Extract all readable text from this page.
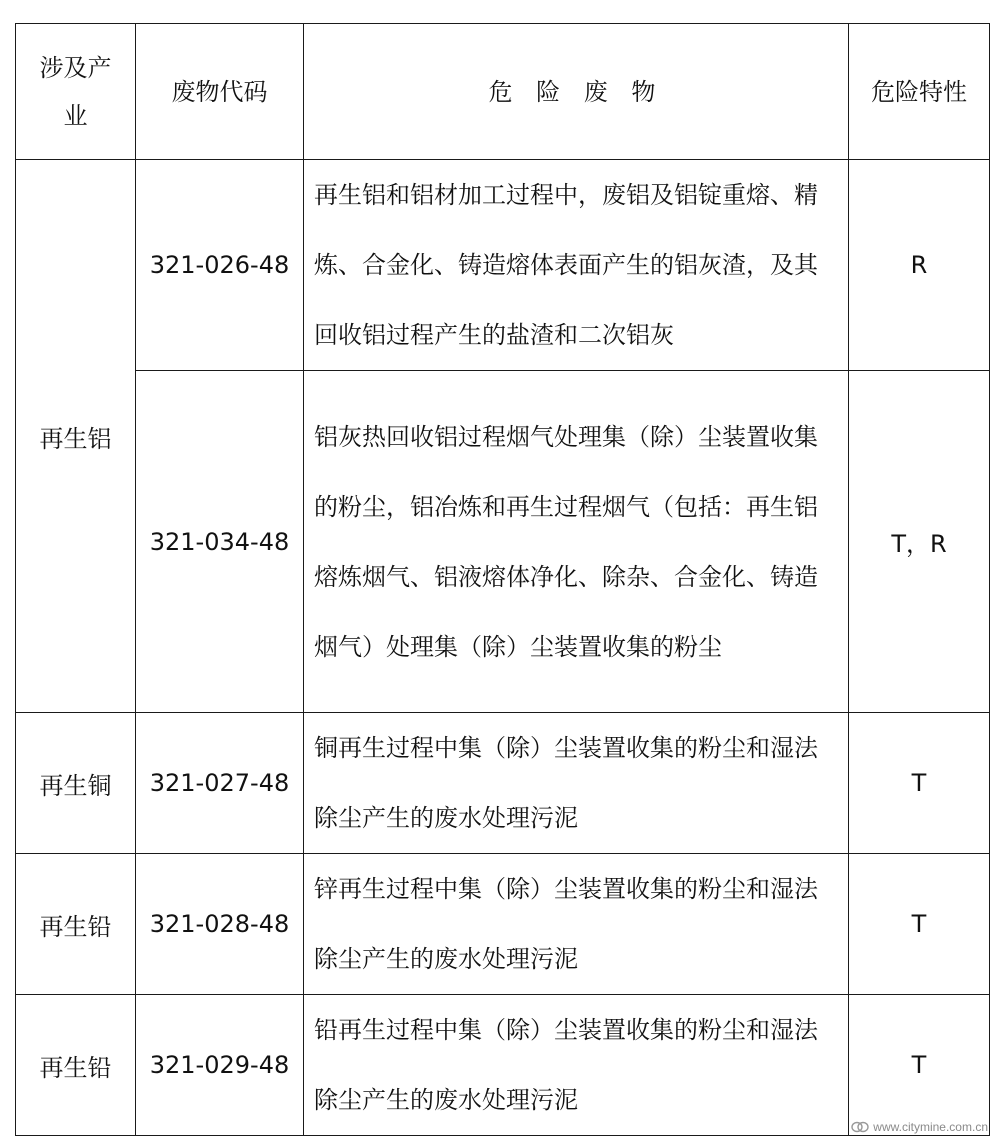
涉及产业	废物代码	危 险 废 物	危险特性
再生铝	321-026-48	再生铝和铝材加工过程中，废铝及铝锭重熔、精炼、合金化、铸造熔体表面产生的铝灰渣，及其回收铝过程产生的盐渣和二次铝灰	R
	321-034-48	铝灰热回收铝过程烟气处理集（除）尘装置收集的粉尘，铝冶炼和再生过程烟气（包括：再生铝熔炼烟气、铝液熔体净化、除杂、合金化、铸造烟气）处理集（除）尘装置收集的粉尘	T，R
再生铜	321-027-48	铜再生过程中集（除）尘装置收集的粉尘和湿法除尘产生的废水处理污泥	T
再生铅	321-028-48	锌再生过程中集（除）尘装置收集的粉尘和湿法除尘产生的废水处理污泥	T
再生铅	321-029-48	铅再生过程中集（除）尘装置收集的粉尘和湿法除尘产生的废水处理污泥	T
www.citymine.com.cn
